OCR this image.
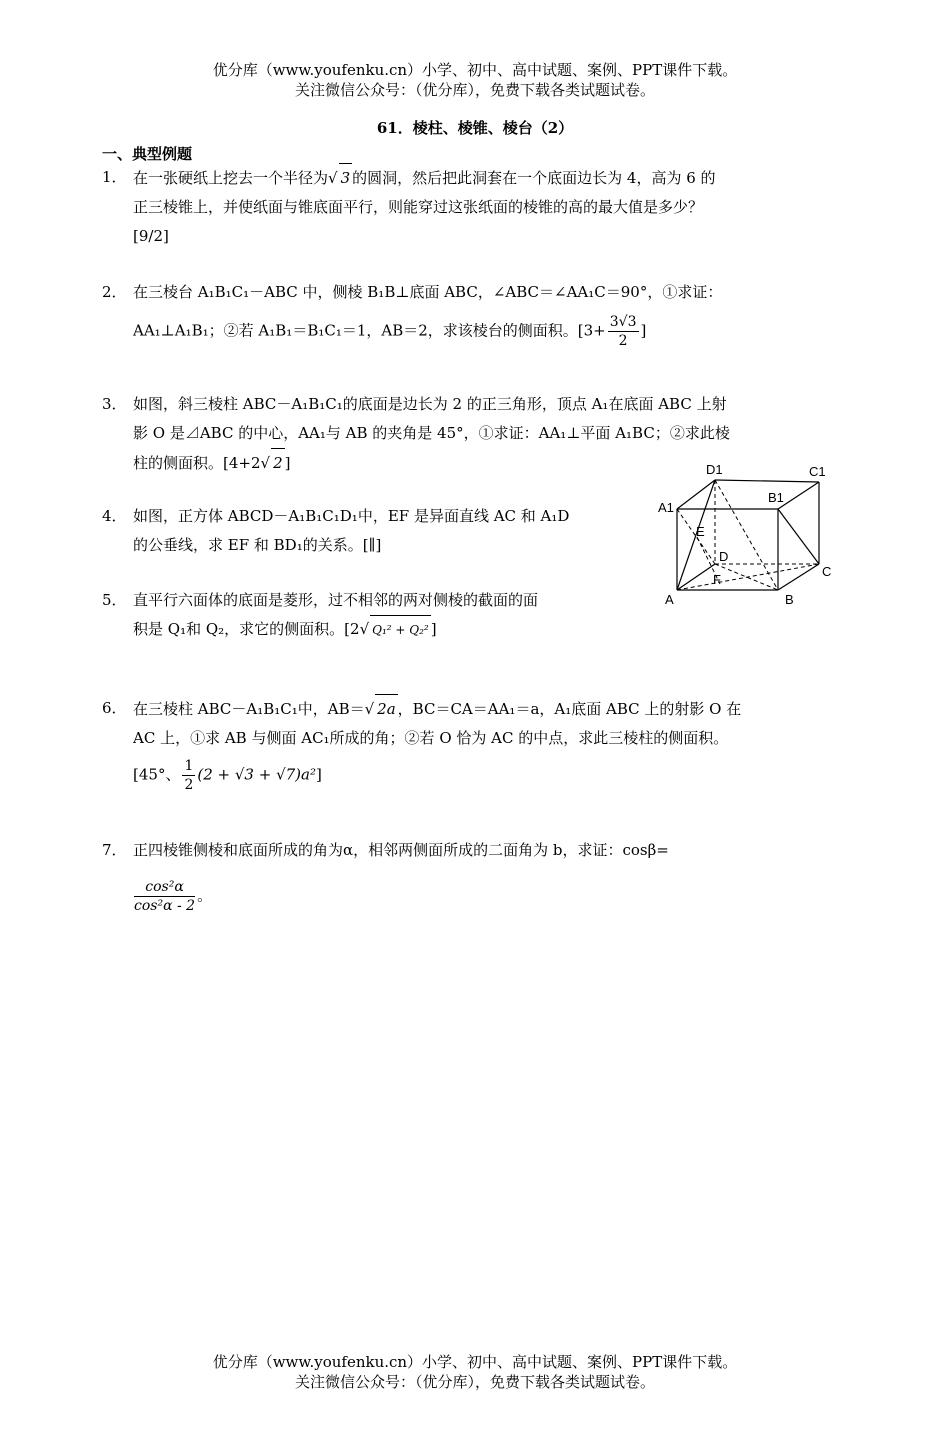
优分库（www.youfenku.cn）小学、初中、高中试题、案例、PPT课件下载。
关注微信公众号：（优分库），免费下载各类试题试卷。
61．棱柱、棱锥、棱台（2）
一、典型例题
1． 在一张硬纸上挖去一个半径为√ 3 的圆洞，然后把此洞套在一个底面边长为 4，高为 6 的
正三棱锥上，并使纸面与锥底面平行，则能穿过这张纸面的棱锥的高的最大值是多少？
[9/2]
2． 在三棱台 A₁B₁C₁－ABC 中，侧棱 B₁B⊥底面 ABC，∠ABC＝∠AA₁C＝90°，①求证：
AA₁⊥A₁B₁；②若 A₁B₁＝B₁C₁＝1，AB＝2，求该棱台的侧面积。[$3+ \frac{3√3}{2}$ ]
3． 如图，斜三棱柱 ABC－A₁B₁C₁的底面是边长为 2 的正三角形，顶点 A₁在底面 ABC 上射
影 O 是⊿ABC 的中心，AA₁与 AB 的夹角是 45°，①求证：AA₁⊥平面 A₁BC；②求此棱
柱的侧面积。[4+2√ 2 ]
4． 如图，正方体 ABCD－A₁B₁C₁D₁中，EF 是异面直线 AC 和 A₁D
的公垂线，求 EF 和 BD₁的关系。[∥]
5． 直平行六面体的底面是菱形，过不相邻的两对侧棱的截面的面
积是 Q₁和 Q₂，求它的侧面积。[2√ Q₁² + Q₂² ]
6． 在三棱柱 ABC－A₁B₁C₁中，AB＝√ 2a ，BC＝CA＝AA₁＝a，A₁底面 ABC 上的射影 O 在
AC 上，①求 AB 与侧面 AC₁所成的角；②若 O 恰为 AC 的中点，求此三棱柱的侧面积。
[45°、 $\frac{1}{2} (2 + √3 + √7)a^2$]
7． 正四棱锥侧棱和底面所成的角为α，相邻两侧面所成的二面角为 b，求证：cosβ=
$\frac{\text{cos²α}}{\text{cos²α - 2}}$ 。
D1	C1
B1
A1
E
D
F
C
A	B
优分库（www.youfenku.cn）小学、初中、高中试题、案例、PPT课件下载。
关注微信公众号：（优分库），免费下载各类试题试卷。
